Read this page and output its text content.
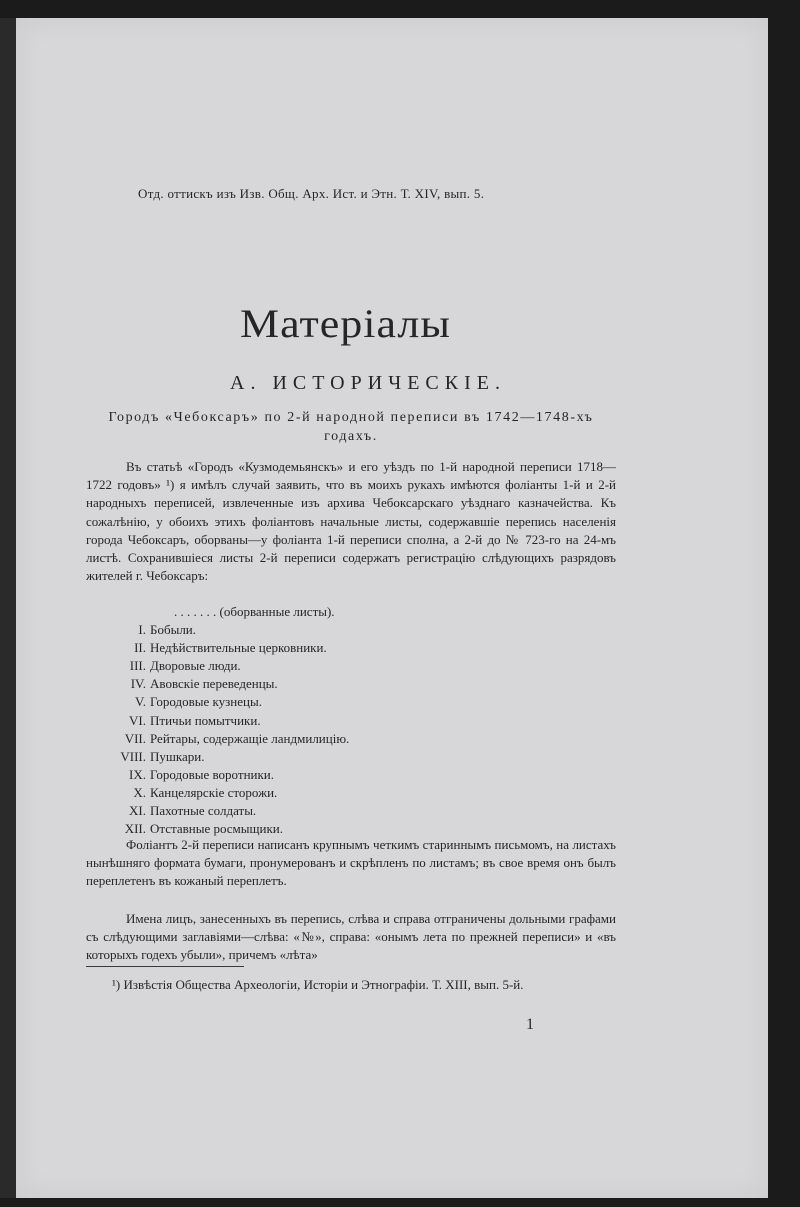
Отд. оттискъ изъ Изв. Общ. Арх. Ист. и Этн. Т. XIV, вып. 5.
Матеріалы
А. ИСТОРИЧЕСКІЕ.
Городъ «Чебоксаръ» по 2-й народной переписи въ 1742—1748-хъ годахъ.
Въ статьѣ «Городъ «Кузмодемьянскъ» и его уѣздъ по 1-й народной переписи 1718—1722 годовъ» ¹) я имѣлъ случай заявить, что въ моихъ рукахъ имѣются фоліанты 1-й и 2-й народныхъ переписей, извлеченные изъ архива Чебоксарскаго уѣзднаго казначейства. Къ сожалѣнію, у обоихъ этихъ фоліантовъ начальные листы, содержавшіе перепись населенія города Чебоксаръ, оборваны—у фоліанта 1-й переписи сполна, а 2-й до № 723-го на 24-мъ листѣ. Сохранившіеся листы 2-й переписи содержатъ регистрацію слѣдующихъ разрядовъ жителей г. Чебоксаръ:
. . . . . . . (оборванные листы).
I. Бобыли.
II. Недѣйствительные церковники.
III. Дворовые люди.
IV. Авовскіе переведенцы.
V. Городовые кузнецы.
VI. Птичьи помытчики.
VII. Рейтары, содержащіе ландмилицію.
VIII. Пушкари.
IX. Городовые воротники.
X. Канцелярскіе сторожи.
XI. Пахотные солдаты.
XII. Отставные росмыщики.
Фоліантъ 2-й переписи написанъ крупнымъ четкимъ стариннымъ письмомъ, на листахъ нынѣшняго формата бумаги, пронумерованъ и скрѣпленъ по листамъ; въ свое время онъ былъ переплетенъ въ кожаный переплетъ.
Имена лицъ, занесенныхъ въ перепись, слѣва и справа отграничены дольными графами съ слѣдующими заглавіями—слѣва: «№», справа: «онымъ лета по прежней переписи» и «въ которыхъ годехъ убыли», причемъ «лѣта»
¹) Извѣстія Общества Археологіи, Исторіи и Этнографіи. Т. XIII, вып. 5-й.
1
